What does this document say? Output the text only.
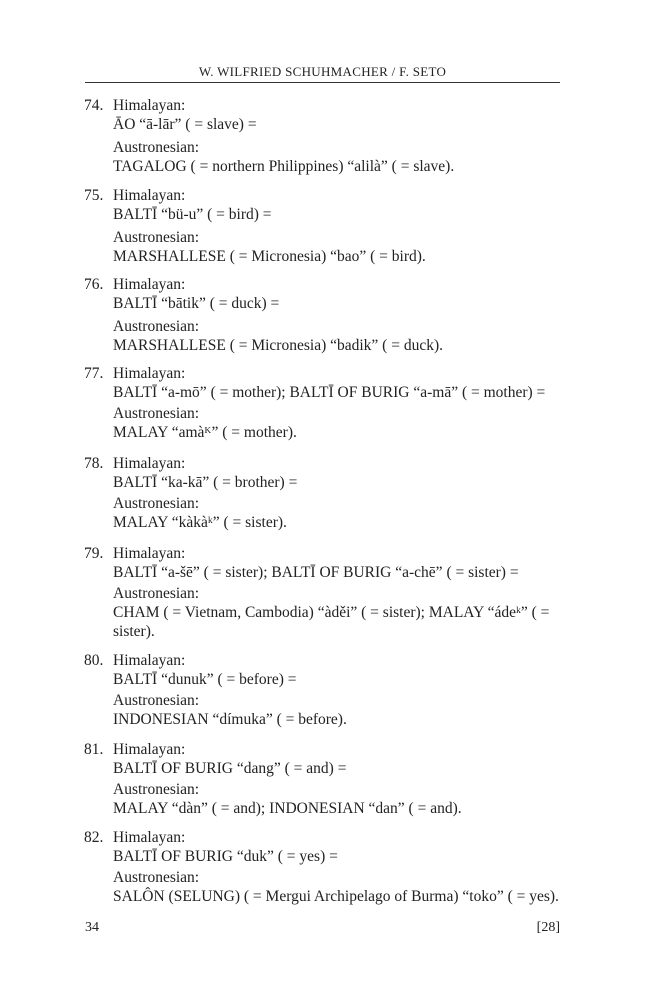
W. WILFRIED SCHUHMACHER / F. SETO
74. Himalayan:
ĀO “ā-lār” ( = slave) =
Austronesian:
TAGALOG ( = northern Philippines) “alilà” ( = slave).
75. Himalayan:
BALTĪ “bü-u” ( = bird) =
Austronesian:
MARSHALLESE ( = Micronesia) “bao” ( = bird).
76. Himalayan:
BALTĪ “bātik” ( = duck) =
Austronesian:
MARSHALLESE ( = Micronesia) “badik” ( = duck).
77. Himalayan:
BALTĪ “a-mō” ( = mother); BALTĪ OF BURIG “a-mā” ( = mother) =
Austronesian:
MALAY “amàᴷ” ( = mother).
78. Himalayan:
BALTĪ “ka-kā” ( = brother) =
Austronesian:
MALAY “kàkàᵏ” ( = sister).
79. Himalayan:
BALTĪ “a-šē” ( = sister); BALTĪ OF BURIG “a-chē” ( = sister) =
Austronesian:
CHAM ( = Vietnam, Cambodia) “àděi” ( = sister); MALAY “ádeᵏ” ( = sister).
80. Himalayan:
BALTĪ “dunuk” ( = before) =
Austronesian:
INDONESIAN “dímuka” ( = before).
81. Himalayan:
BALTĪ OF BURIG “dang” ( = and) =
Austronesian:
MALAY “dàn” ( = and); INDONESIAN “dan” ( = and).
82. Himalayan:
BALTĪ OF BURIG “duk” ( = yes) =
Austronesian:
SALÔN (SELUNG) ( = Mergui Archipelago of Burma) “toko” ( = yes).
34	[28]
